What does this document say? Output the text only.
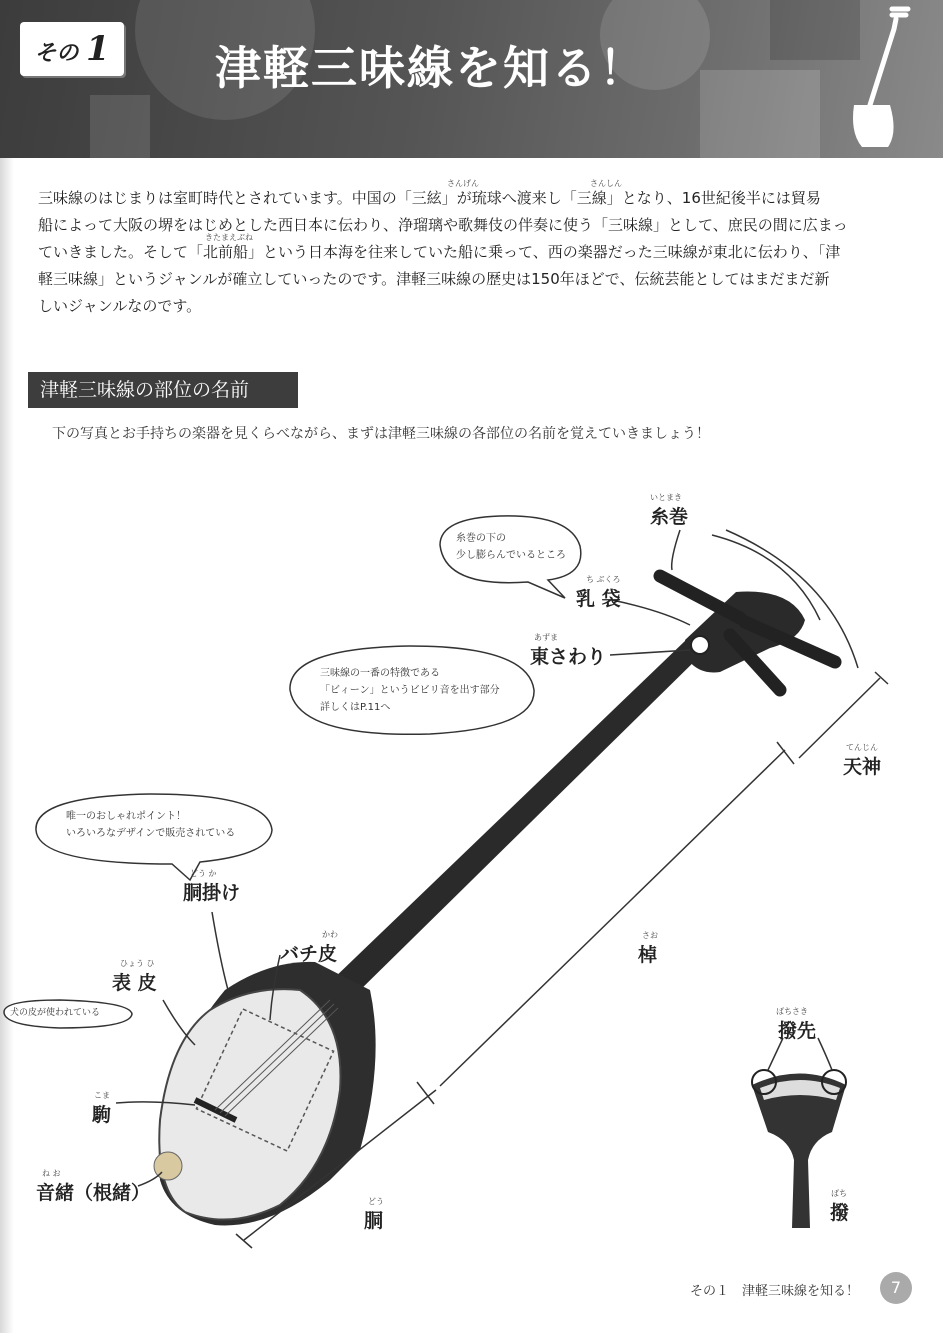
その 1	津軽三味線を知る！
さんげん	さんしん
きたまえぶね
三味線のはじまりは室町時代とされています。中国の「三絃」が琉球へ渡来し「三線」となり、16世紀後半には貿易
船によって大阪の堺をはじめとした西日本に伝わり、浄瑠璃や歌舞伎の伴奏に使う「三味線」として、庶民の間に広まっ
ていきました。そして「北前船」という日本海を往来していた船に乗って、西の楽器だった三味線が東北に伝わり、「津
軽三味線」というジャンルが確立していったのです。津軽三味線の歴史は150年ほどで、伝統芸能としてはまだまだ新
しいジャンルなのです。
津軽三味線の部位の名前
下の写真とお手持ちの楽器を見くらべながら、まずは津軽三味線の各部位の名前を覚えていきましょう！
いとまき
糸巻
ち ぶくろ
乳 袋
あずま
東さわり
てんじん
天神
さお
棹
どう か
胴掛け
かわ
バチ皮
ひょう ひ
表 皮
こま
駒
ね お
音緒（根緒）	どう
胴
ばちさき
撥先
ばち
撥
糸巻の下の
少し膨らんでいるところ
三味線の一番の特徴である
「ビィーン」というビビリ音を出す部分
詳しくはP.11へ
唯一のおしゃれポイント！
いろいろなデザインで販売されている
犬の皮が使われている
その１　津軽三味線を知る！	7
